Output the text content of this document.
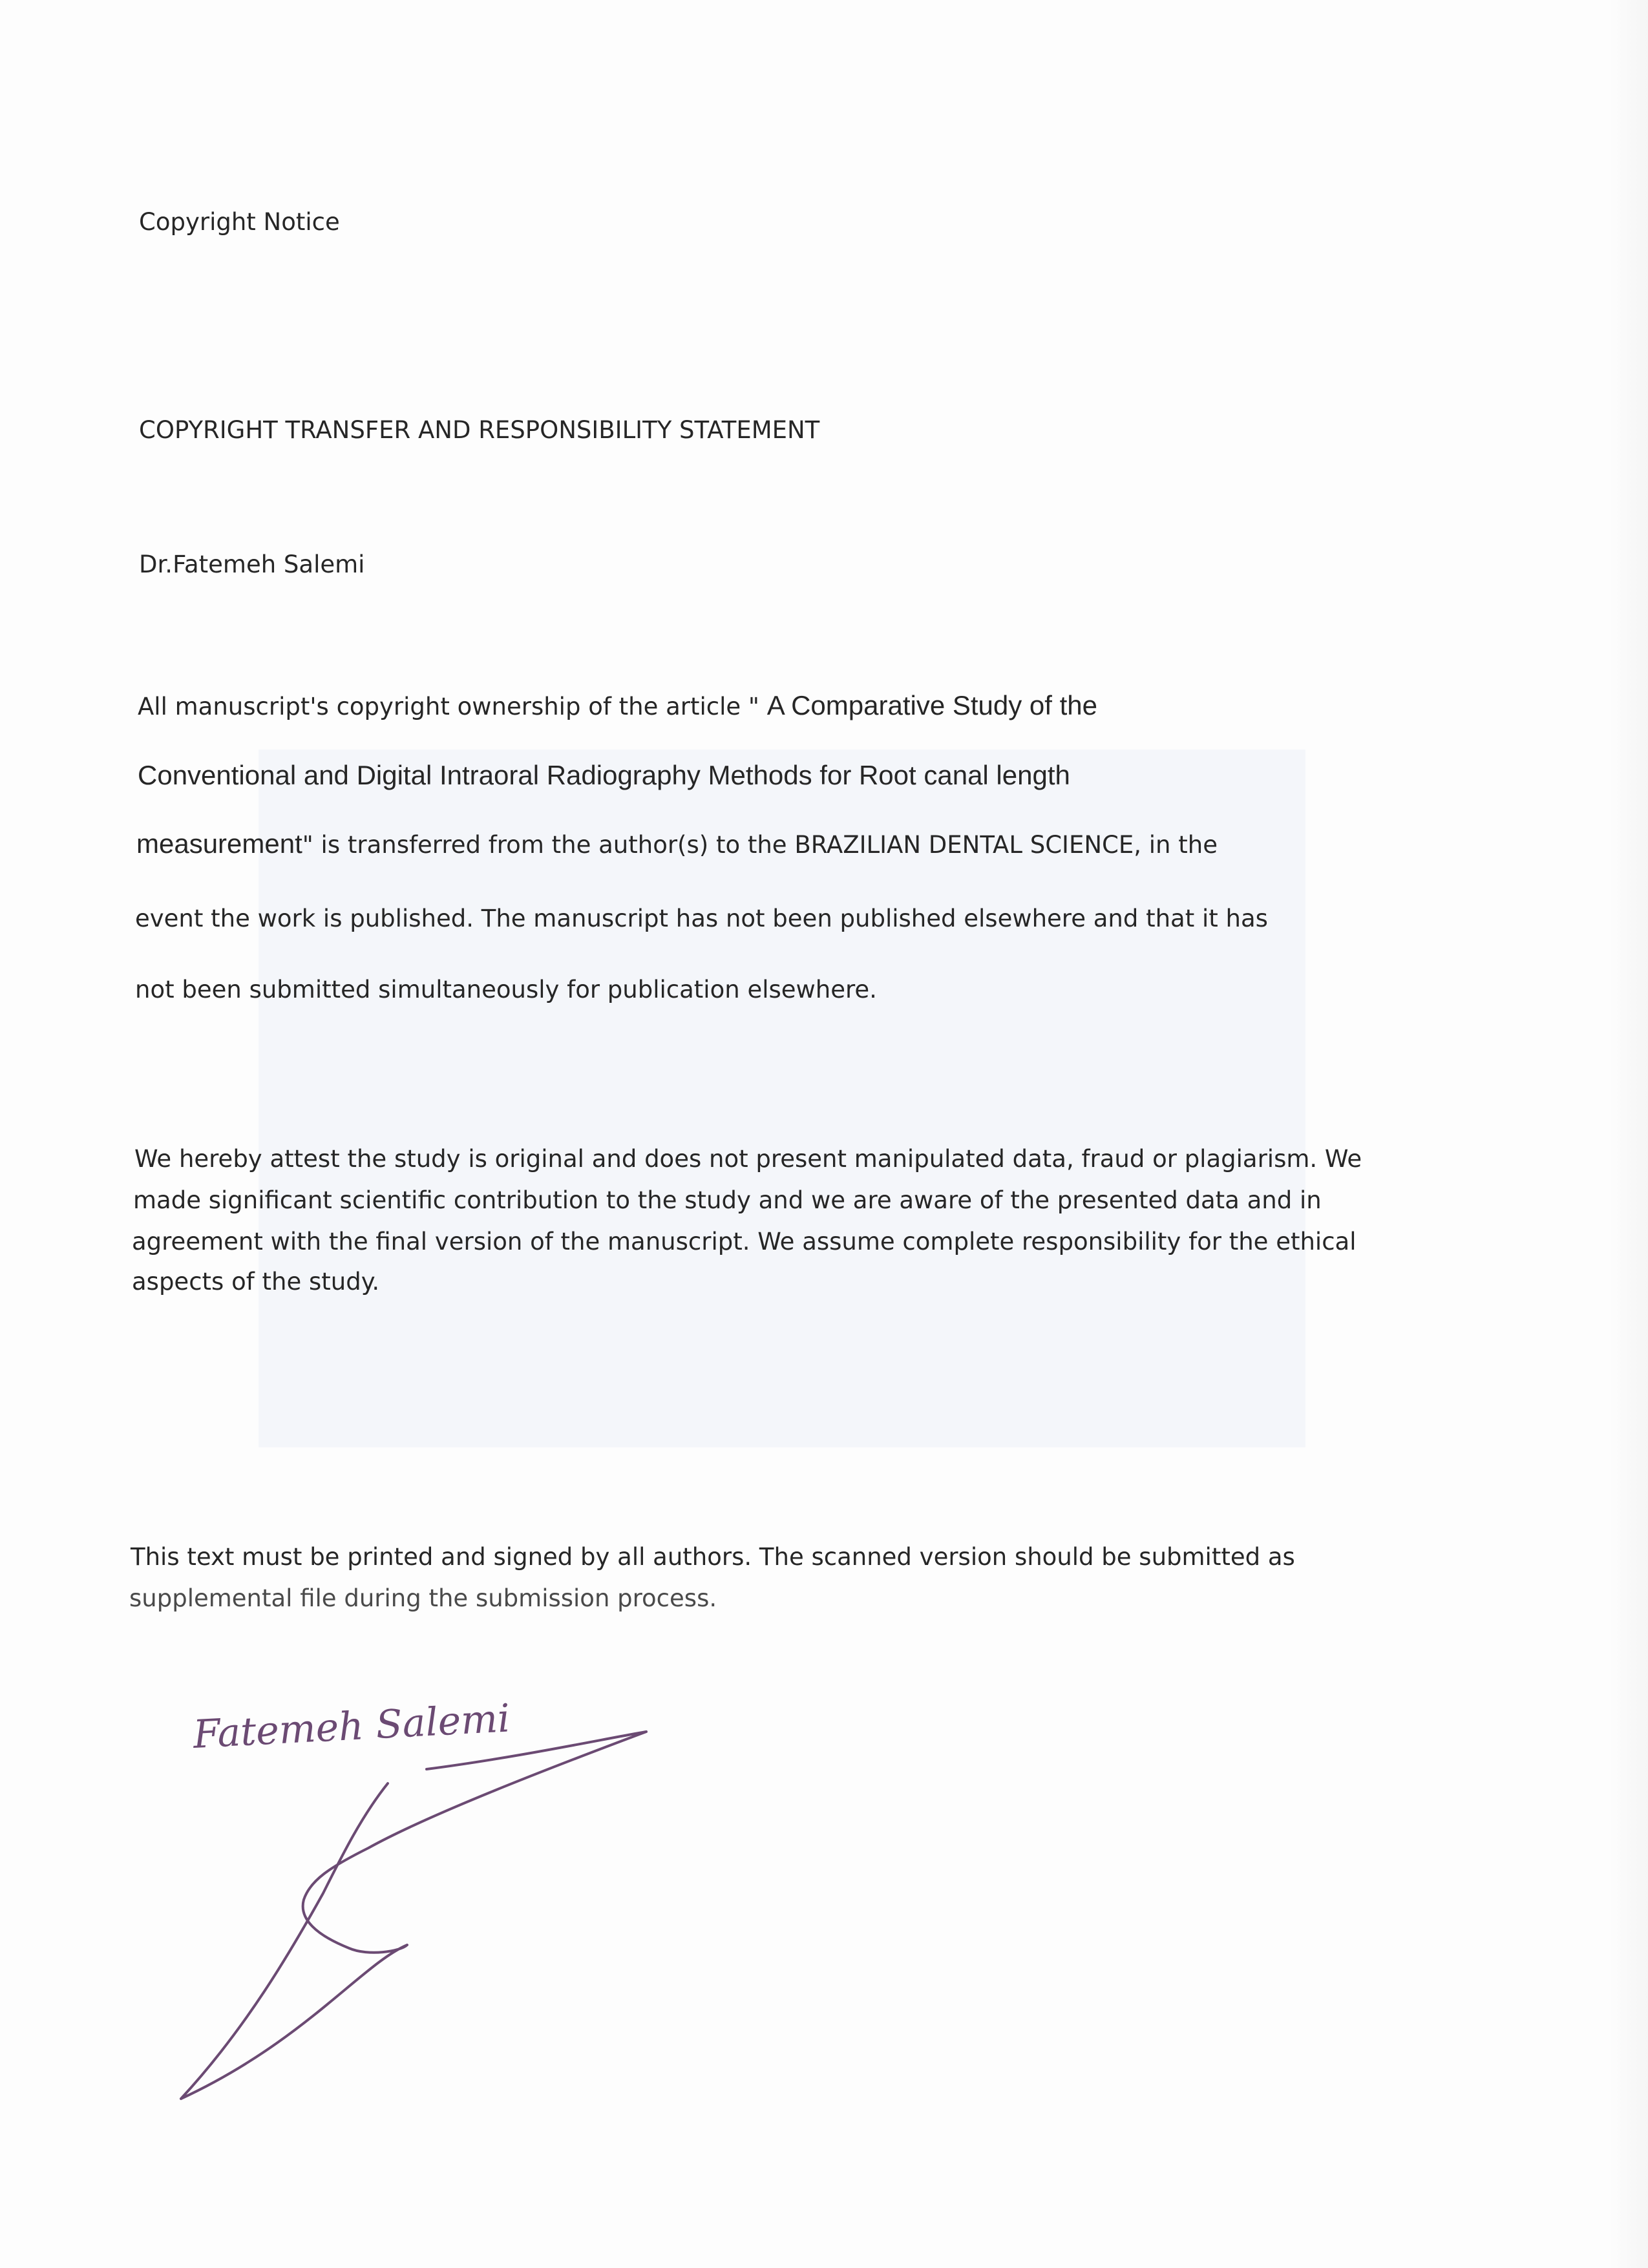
Copyright Notice
COPYRIGHT TRANSFER AND RESPONSIBILITY STATEMENT
Dr.Fatemeh Salemi
All manuscript's copyright ownership of the article " A Comparative Study of the
Conventional and Digital Intraoral Radiography Methods for Root canal length
measurement" is transferred from the author(s) to the BRAZILIAN DENTAL SCIENCE, in the
event the work is published. The manuscript has not been published elsewhere and that it has
not been submitted simultaneously for publication elsewhere.
We hereby attest the study is original and does not present manipulated data, fraud or plagiarism. We
made significant scientific contribution to the study and we are aware of the presented data and in
agreement with the final version of the manuscript. We assume complete responsibility for the ethical
aspects of the study.
This text must be printed and signed by all authors. The scanned version should be submitted as
supplemental file during the submission process.
Fatemeh Salemi
